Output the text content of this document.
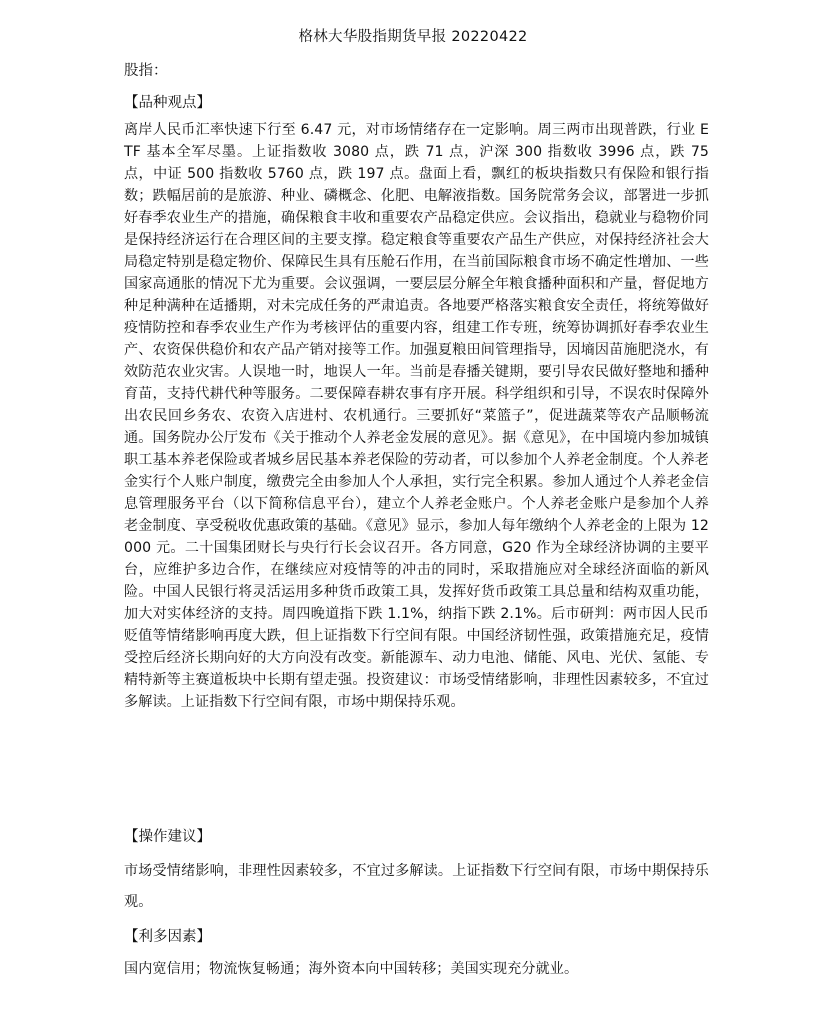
格林大华股指期货早报 20220422
股指：
【品种观点】

离岸人民币汇率快速下行至 6.47 元，对市场情绪存在一定影响。周三两市出现普跌，行业 ETF 基本全军尽墨。上证指数收 3080 点，跌 71 点，沪深 300 指数收 3996 点，跌 75 点，中证 500 指数收 5760 点，跌 197 点。盘面上看，飘红的板块指数只有保险和银行指数；跌幅居前的是旅游、种业、磷概念、化肥、电解液指数。国务院常务会议，部署进一步抓好春季农业生产的措施，确保粮食丰收和重要农产品稳定供应。会议指出，稳就业与稳物价同是保持经济运行在合理区间的主要支撑。稳定粮食等重要农产品生产供应，对保持经济社会大局稳定特别是稳定物价、保障民生具有压舱石作用，在当前国际粮食市场不确定性增加、一些国家高通胀的情况下尤为重要。会议强调，一要层层分解全年粮食播种面积和产量，督促地方种足种满种在适播期，对未完成任务的严肃追责。各地要严格落实粮食安全责任，将统筹做好疫情防控和春季农业生产作为考核评估的重要内容，组建工作专班，统筹协调抓好春季农业生产、农资保供稳价和农产品产销对接等工作。加强夏粮田间管理指导，因墒因苗施肥浇水，有效防范农业灾害。人误地一时，地误人一年。当前是春播关键期，要引导农民做好整地和播种育苗，支持代耕代种等服务。二要保障春耕农事有序开展。科学组织和引导，不误农时保障外出农民回乡务农、农资入店进村、农机通行。三要抓好“菜篮子”，促进蔬菜等农产品顺畅流通。国务院办公厅发布《关于推动个人养老金发展的意见》。据《意见》，在中国境内参加城镇职工基本养老保险或者城乡居民基本养老保险的劳动者，可以参加个人养老金制度。个人养老金实行个人账户制度，缴费完全由参加人个人承担，实行完全积累。参加人通过个人养老金信息管理服务平台（以下简称信息平台），建立个人养老金账户。个人养老金账户是参加个人养老金制度、享受税收优惠政策的基础。《意见》显示，参加人每年缴纳个人养老金的上限为 12000 元。二十国集团财长与央行行长会议召开。各方同意，G20 作为全球经济协调的主要平台，应维护多边合作，在继续应对疫情等的冲击的同时，采取措施应对全球经济面临的新风险。中国人民银行将灵活运用多种货币政策工具，发挥好货币政策工具总量和结构双重功能，加大对实体经济的支持。周四晚道指下跌 1.1%，纳指下跌 2.1%。后市研判：两市因人民币贬值等情绪影响再度大跌，但上证指数下行空间有限。中国经济韧性强，政策措施充足，疫情受控后经济长期向好的大方向没有改变。新能源车、动力电池、储能、风电、光伏、氢能、专精特新等主赛道板块中长期有望走强。投资建议：市场受情绪影响，非理性因素较多，不宜过多解读。上证指数下行空间有限，市场中期保持乐观。

【操作建议】

市场受情绪影响，非理性因素较多，不宜过多解读。上证指数下行空间有限，市场中期保持乐观。

【利多因素】

国内宽信用；物流恢复畅通；海外资本向中国转移；美国实现充分就业。
